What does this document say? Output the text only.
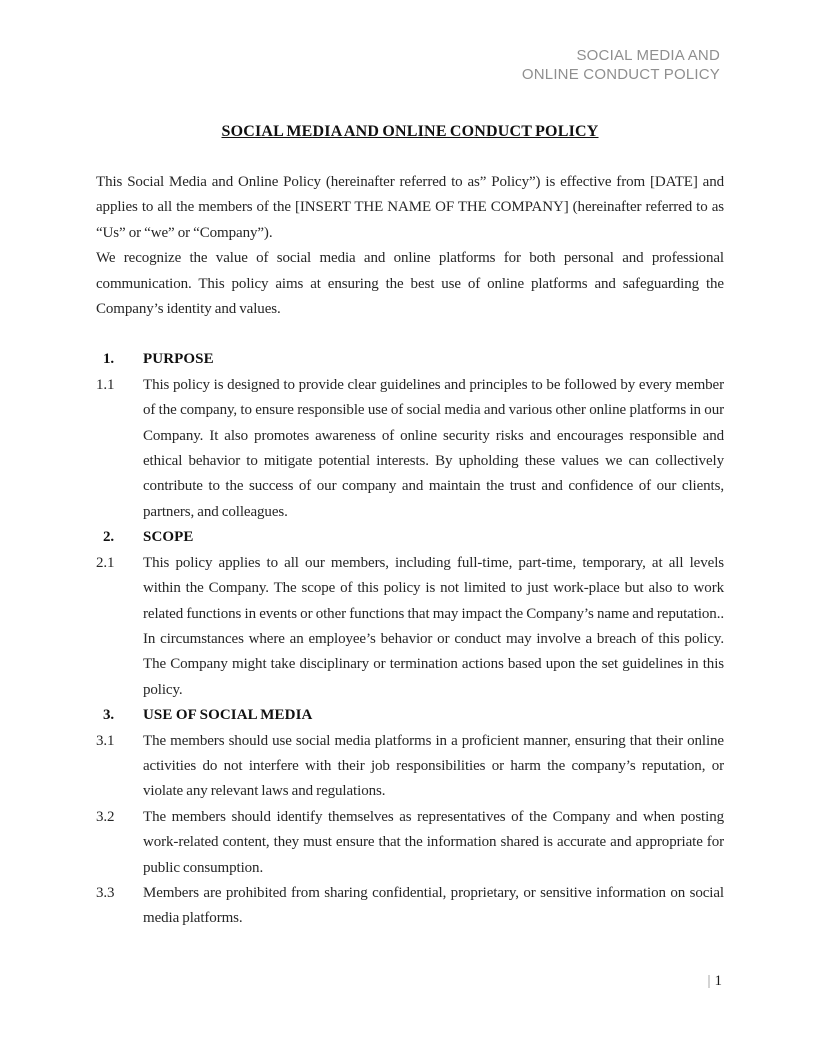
SOCIAL MEDIA AND
ONLINE CONDUCT POLICY
SOCIAL MEDIA AND ONLINE CONDUCT POLICY

This Social Media and Online Policy (hereinafter referred to as” Policy”) is effective from [DATE] and applies to all the members of the [INSERT THE NAME OF THE COMPANY] (hereinafter referred to as “Us” or “we” or “Company”).

We recognize the value of social media and online platforms for both personal and professional communication. This policy aims at ensuring the best use of online platforms and safeguarding the Company’s identity and values.

1.	PURPOSE
1.1	This policy is designed to provide clear guidelines and principles to be followed by every member of the company, to ensure responsible use of social media and various other online platforms in our Company. It also promotes awareness of online security risks and encourages responsible and ethical behavior to mitigate potential interests. By upholding these values we can collectively contribute to the success of our company and maintain the trust and confidence of our clients, partners, and colleagues.
2.	SCOPE
2.1	This policy applies to all our members, including full-time, part-time, temporary, at all levels within the Company. The scope of this policy is not limited to just work-place but also to work related functions in events or other functions that may impact the Company’s name and reputation.. In circumstances where an employee’s behavior or conduct may involve a breach of this policy. The Company might take disciplinary or termination actions based upon the set guidelines in this policy.
3.	USE OF SOCIAL MEDIA
3.1	The members should use social media platforms in a proficient manner, ensuring that their online activities do not interfere with their job responsibilities or harm the company’s reputation, or violate any relevant laws and regulations.
3.2	The members should identify themselves as representatives of the Company and when posting work-related content, they must ensure that the information shared is accurate and appropriate for public consumption.
3.3	Members are prohibited from sharing confidential, proprietary, or sensitive information on social media platforms.
| 1
